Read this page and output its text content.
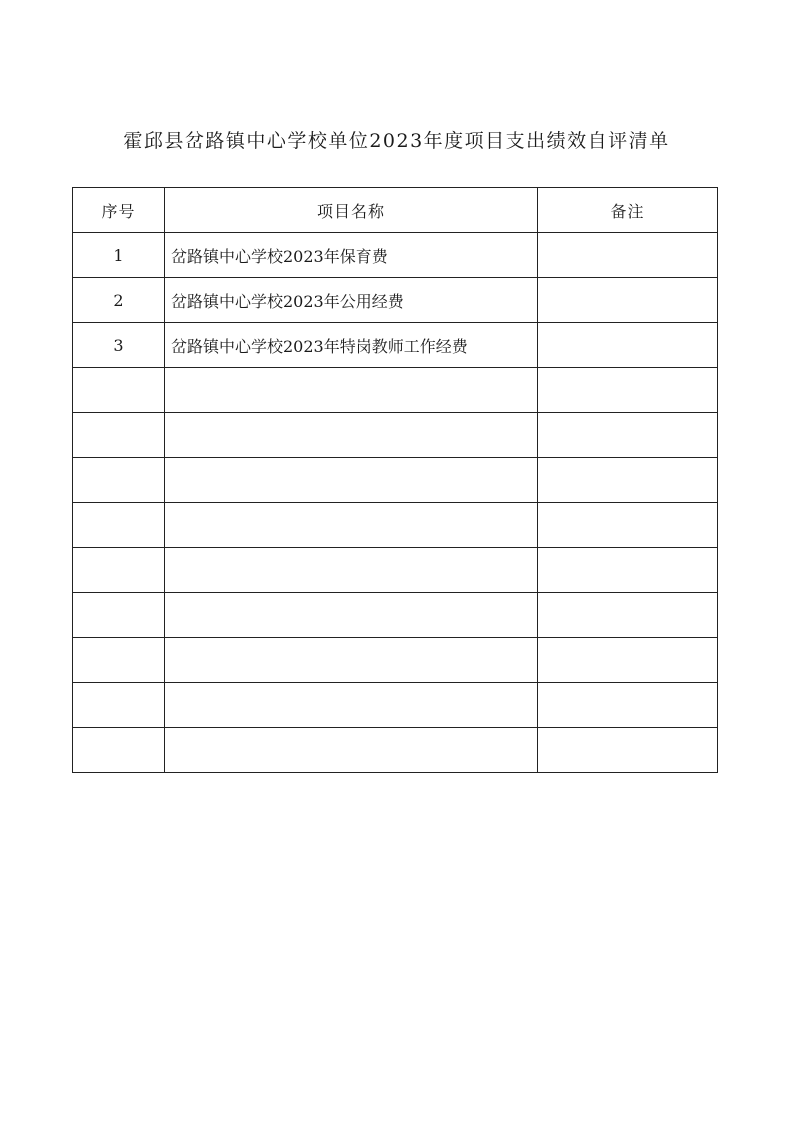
霍邱县岔路镇中心学校单位2023年度项目支出绩效自评清单
序号	项目名称	备注
1	岔路镇中心学校2023年保育费	
2	岔路镇中心学校2023年公用经费	
3	岔路镇中心学校2023年特岗教师工作经费	
